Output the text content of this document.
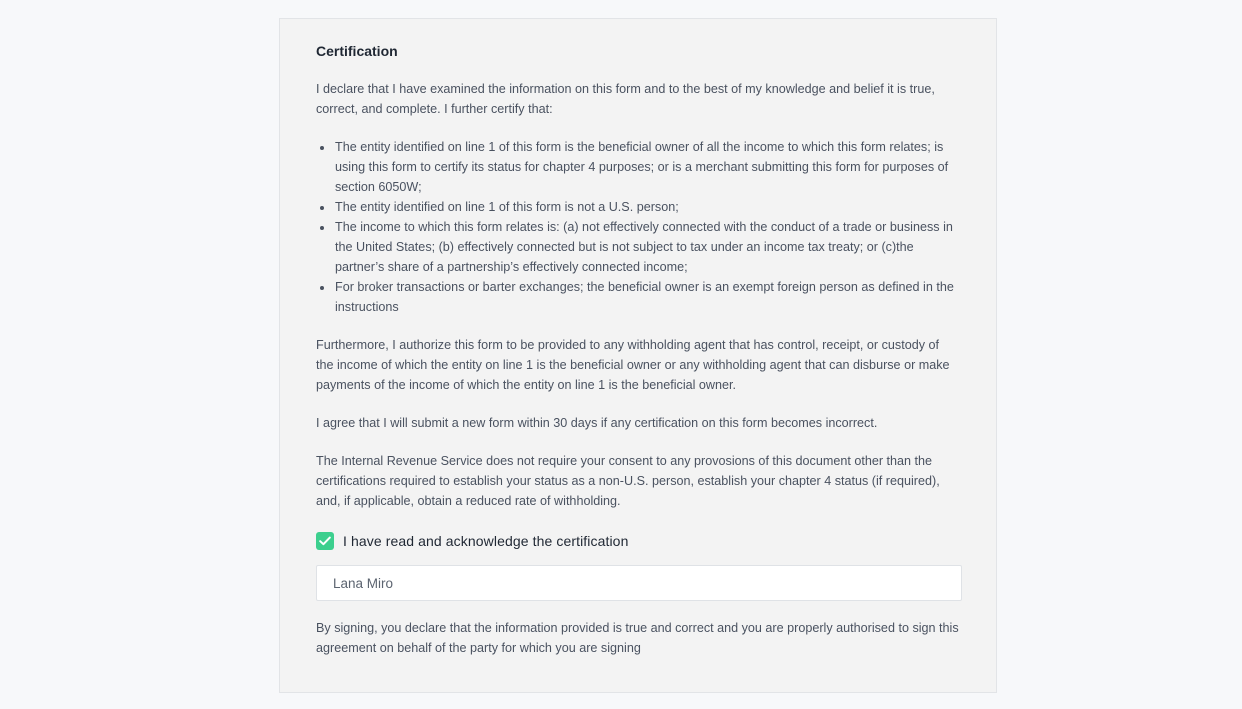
Certification

I declare that I have examined the information on this form and to the best of my knowledge and belief it is true, correct, and complete. I further certify that:

• The entity identified on line 1 of this form is the beneficial owner of all the income to which this form relates; is using this form to certify its status for chapter 4 purposes; or is a merchant submitting this form for purposes of section 6050W;
• The entity identified on line 1 of this form is not a U.S. person;
• The income to which this form relates is: (a) not effectively connected with the conduct of a trade or business in the United States; (b) effectively connected but is not subject to tax under an income tax treaty; or (c)the partner’s share of a partnership’s effectively connected income;
• For broker transactions or barter exchanges; the beneficial owner is an exempt foreign person as defined in the instructions

Furthermore, I authorize this form to be provided to any withholding agent that has control, receipt, or custody of the income of which the entity on line 1 is the beneficial owner or any withholding agent that can disburse or make payments of the income of which the entity on line 1 is the beneficial owner.

I agree that I will submit a new form within 30 days if any certification on this form becomes incorrect.

The Internal Revenue Service does not require your consent to any provosions of this document other than the certifications required to establish your status as a non-U.S. person, establish your chapter 4 status (if required), and, if applicable, obtain a reduced rate of withholding.

I have read and acknowledge the certification
Lana Miro
By signing, you declare that the information provided is true and correct and you are properly authorised to sign this agreement on behalf of the party for which you are signing
